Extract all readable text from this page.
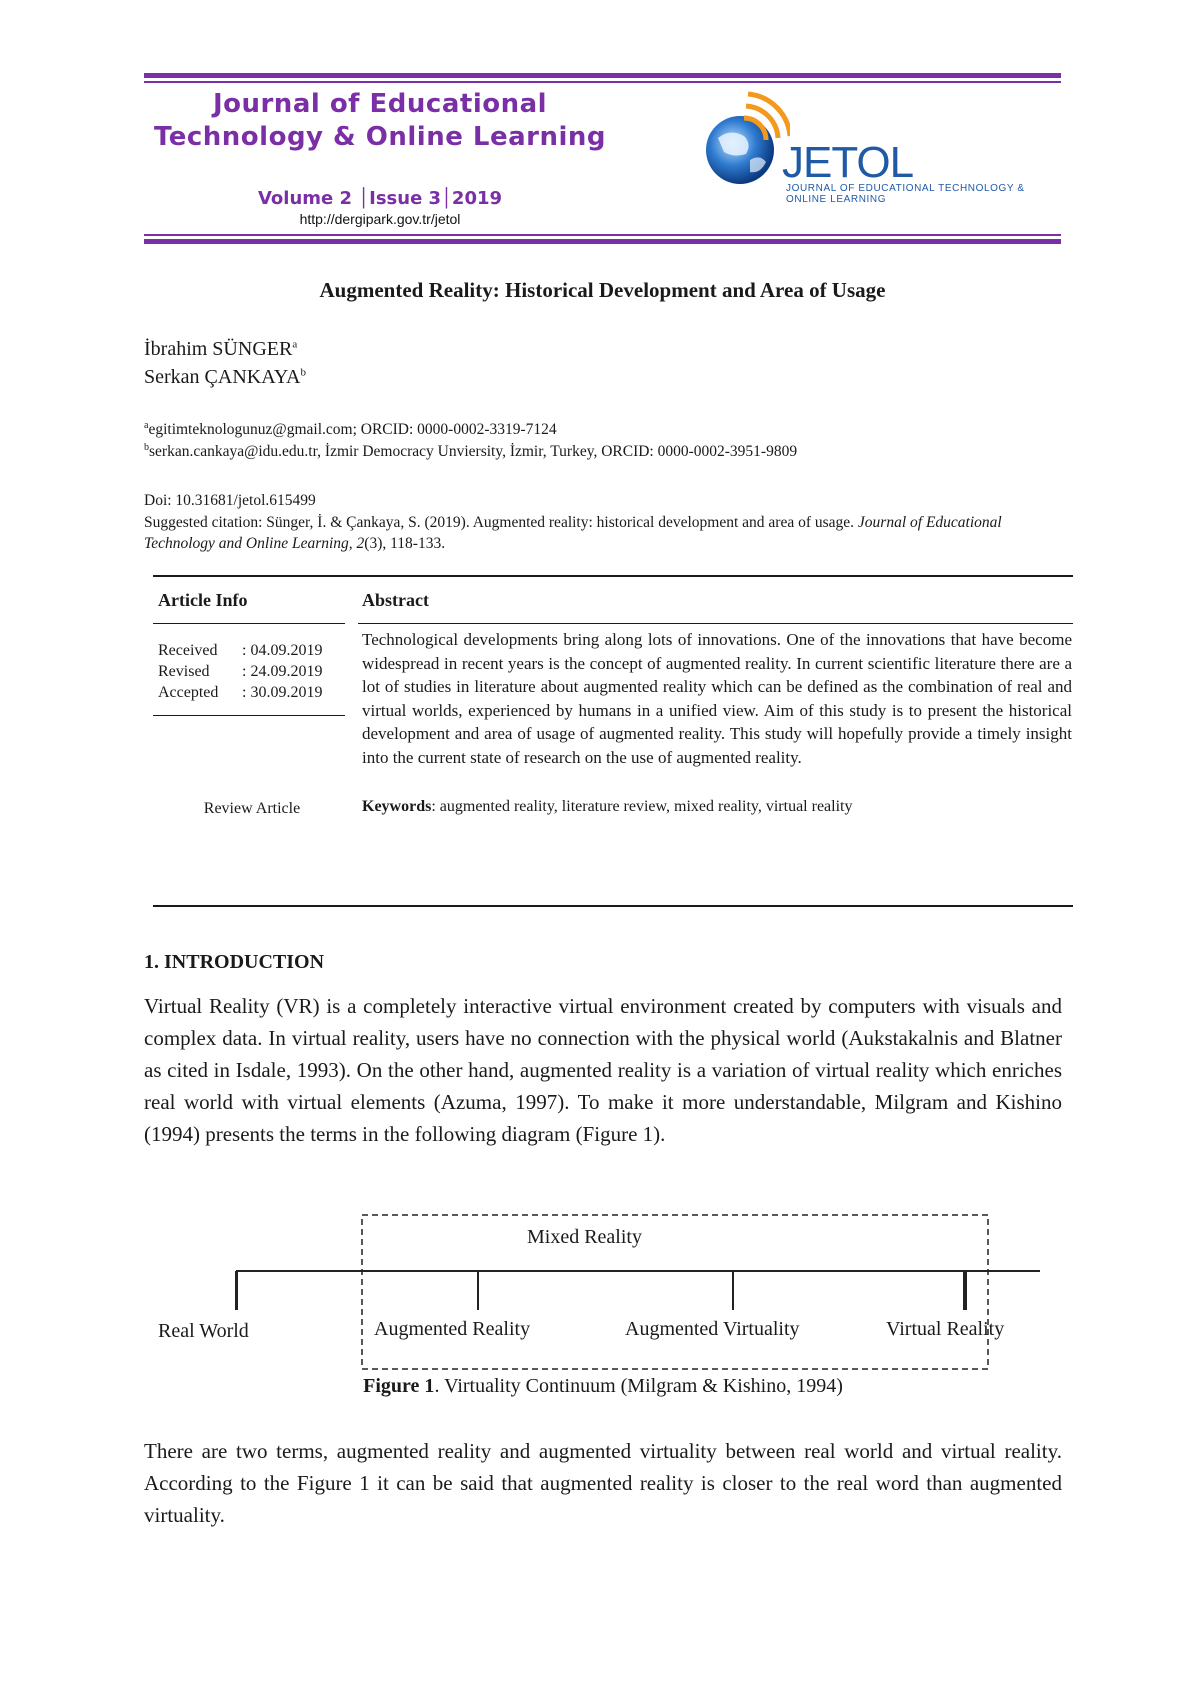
Journal of Educational Technology & Online Learning
Volume 2 │Issue 3│2019
http://dergipark.gov.tr/jetol
JETOL
JOURNAL OF EDUCATIONAL TECHNOLOGY & ONLINE LEARNING
Augmented Reality: Historical Development and Area of Usage
İbrahim SÜNGER$^a$
Serkan ÇANKAYA$^b$
$^a$egitimteknologunuz@gmail.com; ORCID: 0000-0002-3319-7124
$^b$serkan.cankaya@idu.edu.tr, İzmir Democracy Unviersity, İzmir, Turkey, ORCID: 0000-0002-3951-9809
Doi: 10.31681/jetol.615499
Suggested citation: Sünger, İ. & Çankaya, S. (2019). Augmented reality: historical development and area of usage. Journal of Educational Technology and Online Learning, 2(3), 118-133.
Article Info	Abstract
Received : 04.09.2019
Revised : 24.09.2019
Accepted : 30.09.2019
Review Article
Technological developments bring along lots of innovations. One of the innovations that have become widespread in recent years is the concept of augmented reality. In current scientific literature there are a lot of studies in literature about augmented reality which can be defined as the combination of real and virtual worlds, experienced by humans in a unified view. Aim of this study is to present the historical development and area of usage of augmented reality. This study will hopefully provide a timely insight into the current state of research on the use of augmented reality.
Keywords: augmented reality, literature review, mixed reality, virtual reality
1. INTRODUCTION
Virtual Reality (VR) is a completely interactive virtual environment created by computers with visuals and complex data. In virtual reality, users have no connection with the physical world (Aukstakalnis and Blatner as cited in Isdale, 1993). On the other hand, augmented reality is a variation of virtual reality which enriches real world with virtual elements (Azuma, 1997). To make it more understandable, Milgram and Kishino (1994) presents the terms in the following diagram (Figure 1).
Mixed Reality
Real World	Augmented Reality	Augmented Virtuality	Virtual Reality
Figure 1. Virtuality Continuum (Milgram & Kishino, 1994)
There are two terms, augmented reality and augmented virtuality between real world and virtual reality. According to the Figure 1 it can be said that augmented reality is closer to the real word than augmented virtuality.
